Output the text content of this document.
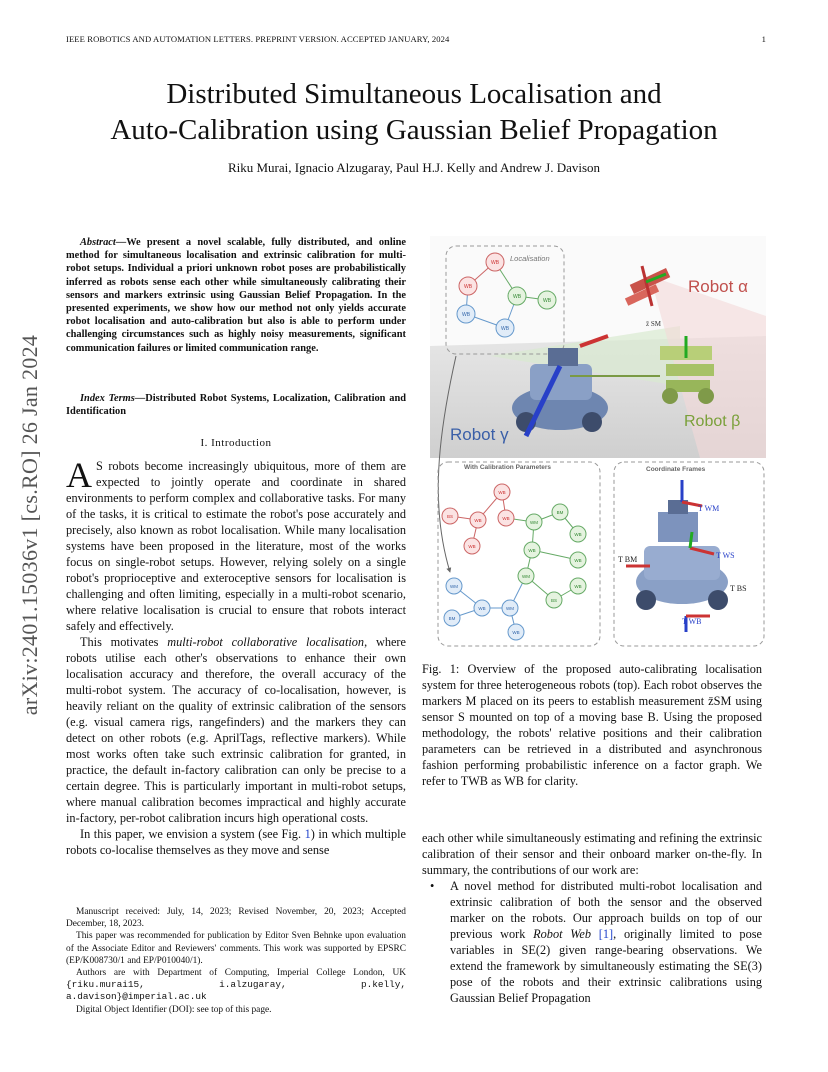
IEEE ROBOTICS AND AUTOMATION LETTERS. PREPRINT VERSION. ACCEPTED JANUARY, 2024	1
Distributed Simultaneous Localisation and
Auto-Calibration using Gaussian Belief Propagation
Riku Murai, Ignacio Alzugaray, Paul H.J. Kelly and Andrew J. Davison
arXiv:2401.15036v1 [cs.RO] 26 Jan 2024
Abstract—We present a novel scalable, fully distributed, and online method for simultaneous localisation and extrinsic calibration for multi-robot setups. Individual a priori unknown robot poses are probabilistically inferred as robots sense each other while simultaneously calibrating their sensors and markers extrinsic using Gaussian Belief Propagation. In the presented experiments, we show how our method not only yields accurate robot localisation and auto-calibration but also is able to perform under challenging circumstances such as highly noisy measurements, significant communication failures or limited communication range.
Index Terms—Distributed Robot Systems, Localization, Calibration and Identification
I. Introduction

A S robots become increasingly ubiquitous, more of them are expected to jointly operate and coordinate in shared environments to perform complex and collaborative tasks. For many of the tasks, it is critical to estimate the robot's pose accurately and precisely, also known as robot localisation. While many localisation systems have been proposed in the literature, most of the works focus on single-robot setups. However, relying solely on a single robot's proprioceptive and exteroceptive sensors for localisation is challenging and often limiting, especially in a multi-robot scenario, where relative localisation is crucial to ensure that robots interact safely and effectively.

This motivates multi-robot collaborative localisation, where robots utilise each other's observations to enhance their own localisation accuracy and therefore, the overall accuracy of the multi-robot system. The accuracy of co-localisation, however, is heavily reliant on the quality of extrinsic calibration of the sensors (e.g. visual camera rigs, rangefinders) and the markers they can detect on other robots (e.g. AprilTags, reflective markers). While most works often take such extrinsic calibration for granted, in practice, the default in-factory calibration can only be precise to a certain degree. This is particularly important in multi-robot setups, where manual calibration becomes impractical and highly accurate in-factory, per-robot calibration incurs high operational costs.

In this paper, we envision a system (see Fig. 1) in which multiple robots co-localise themselves as they move and sense

Manuscript received: July, 14, 2023; Revised November, 20, 2023; Accepted December, 18, 2023.

This paper was recommended for publication by Editor Sven Behnke upon evaluation of the Associate Editor and Reviewers' comments. This work was supported by EPSRC (EP/K008730/1 and EP/P010040/1).

Authors are with Department of Computing, Imperial College London, UK {riku.murai15, i.alzugaray, p.kelly, a.davison}@imperial.ac.uk

Digital Object Identifier (DOI): see top of this page.

Localisation
WB
WB
WB
WB
WB
WB
Robot α
z̄ SM
Robot β
Robot γ
With Calibration Parameters
WB
BS
WB	WB
WB
WM
BM
WB
WB
WB
WM
WB
BS
WM
WB	WM
BM
WB
Coordinate Frames
T WM
T WS
T BM
T BS
T WB
Fig. 1: Overview of the proposed auto-calibrating localisation system for three heterogeneous robots (top). Each robot observes the markers M placed on its peers to establish measurement z̄SM using sensor S mounted on top of a moving base B. Using the proposed methodology, the robots' relative positions and their calibration parameters can be retrieved in a distributed and asynchronous fashion performing probabilistic inference on a factor graph. We refer to TWB as WB for clarity.

each other while simultaneously estimating and refining the extrinsic calibration of their sensor and their onboard marker on-the-fly. In summary, the contributions of our work are:

• A novel method for distributed multi-robot localisation and extrinsic calibration of both the sensor and the observed marker on the robots. Our approach builds on top of our previous work Robot Web [1], originally limited to pose variables in SE(2) given range-bearing observations. We extend the framework by simultaneously estimating the SE(3) pose of the robots and their extrinsic calibrations using Gaussian Belief Propagation
